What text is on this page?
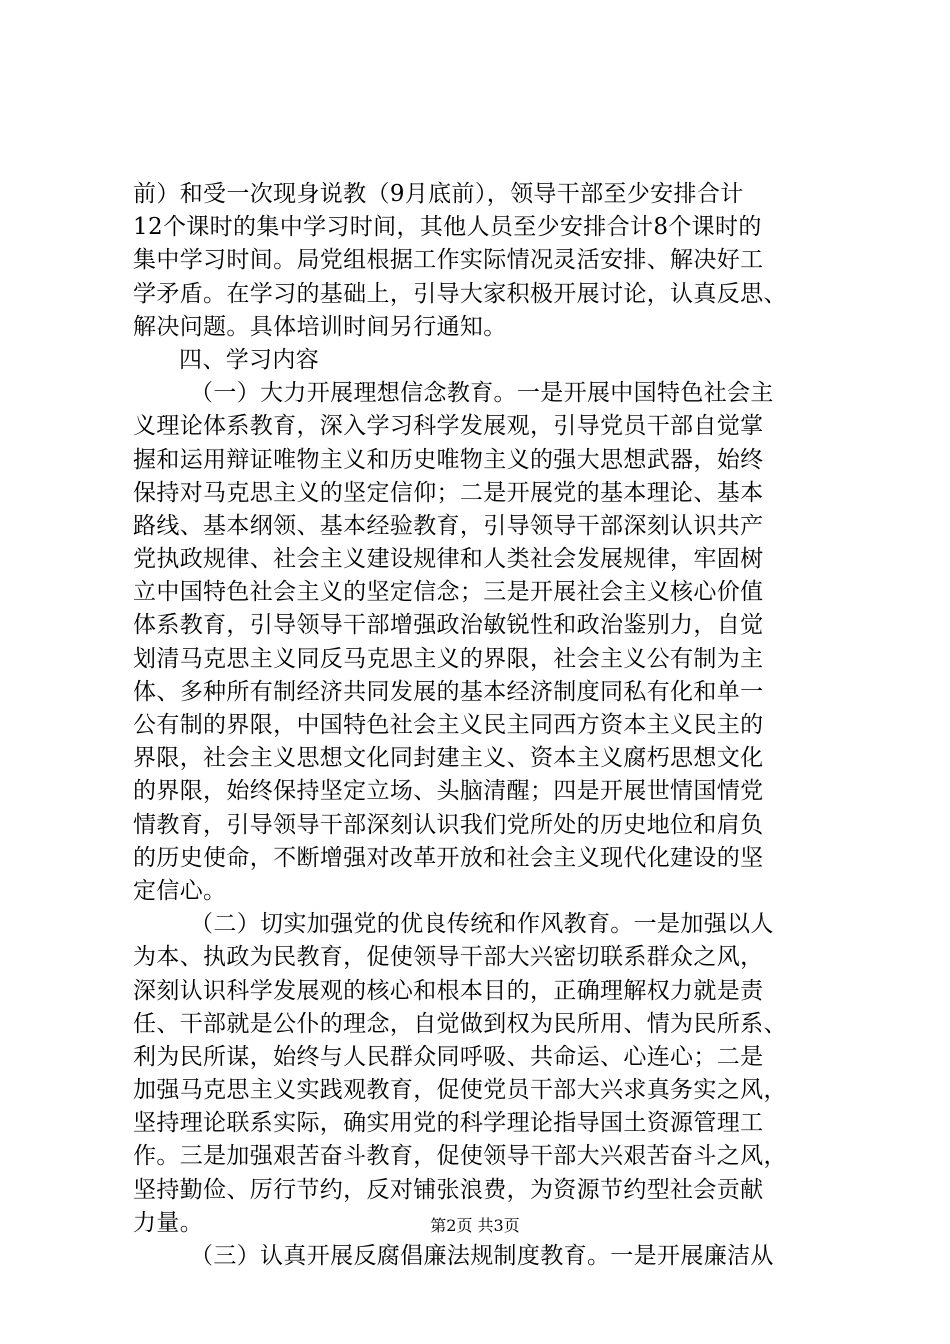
前）和受一次现身说教（9月底前），领导干部至少安排合计
12个课时的集中学习时间，其他人员至少安排合计8个课时的
集中学习时间。局党组根据工作实际情况灵活安排、解决好工
学矛盾。在学习的基础上，引导大家积极开展讨论，认真反思、
解决问题。具体培训时间另行通知。
四、学习内容
（一）大力开展理想信念教育。一是开展中国特色社会主
义理论体系教育，深入学习科学发展观，引导党员干部自觉掌
握和运用辩证唯物主义和历史唯物主义的强大思想武器，始终
保持对马克思主义的坚定信仰；二是开展党的基本理论、基本
路线、基本纲领、基本经验教育，引导领导干部深刻认识共产
党执政规律、社会主义建设规律和人类社会发展规律，牢固树
立中国特色社会主义的坚定信念；三是开展社会主义核心价值
体系教育，引导领导干部增强政治敏锐性和政治鉴别力，自觉
划清马克思主义同反马克思主义的界限，社会主义公有制为主
体、多种所有制经济共同发展的基本经济制度同私有化和单一
公有制的界限，中国特色社会主义民主同西方资本主义民主的
界限，社会主义思想文化同封建主义、资本主义腐朽思想文化
的界限，始终保持坚定立场、头脑清醒；四是开展世情国情党
情教育，引导领导干部深刻认识我们党所处的历史地位和肩负
的历史使命，不断增强对改革开放和社会主义现代化建设的坚
定信心。
（二）切实加强党的优良传统和作风教育。一是加强以人
为本、执政为民教育，促使领导干部大兴密切联系群众之风，
深刻认识科学发展观的核心和根本目的，正确理解权力就是责
任、干部就是公仆的理念，自觉做到权为民所用、情为民所系、
利为民所谋，始终与人民群众同呼吸、共命运、心连心；二是
加强马克思主义实践观教育，促使党员干部大兴求真务实之风，
坚持理论联系实际，确实用党的科学理论指导国土资源管理工
作。三是加强艰苦奋斗教育，促使领导干部大兴艰苦奋斗之风，
坚持勤俭、厉行节约，反对铺张浪费，为资源节约型社会贡献
力量。
（三）认真开展反腐倡廉法规制度教育。一是开展廉洁从
第2页 共3页
